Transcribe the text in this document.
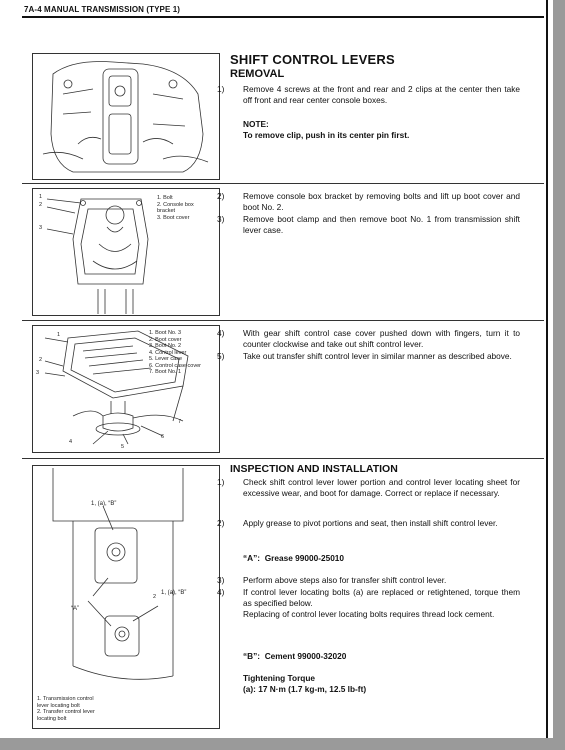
7A-4 MANUAL TRANSMISSION (TYPE 1)
1
2
3
1. Bolt
2. Console box
bracket
3. Boot cover
1
2
3
4
5
6
7
1. Boot No. 3
2. Boot cover
3. Boot No. 2
4. Control lever
5. Lever case
6. Control case cover
7. Boot No. 1
1, (a), “B”
1, (a), “B”
“A”
2
1. Transmission control
lever locating bolt
2. Transfer control lever
locating bolt
SHIFT CONTROL LEVERS
REMOVAL
1) Remove 4 screws at the front and rear and 2 clips at the center then take off front and rear center console boxes.
NOTE:
To remove clip, push in its center pin first.
2) Remove console box bracket by removing bolts and lift up boot cover and boot No. 2.
3) Remove boot clamp and then remove boot No. 1 from transmission shift lever case.
4) With gear shift control case cover pushed down with fingers, turn it to counter clockwise and take out shift control lever.
5) Take out transfer shift control lever in similar manner as described above.
INSPECTION AND INSTALLATION
1) Check shift control lever lower portion and control lever locating sheet for excessive wear, and boot for damage. Correct or replace if necessary.
2) Apply grease to pivot portions and seat, then install shift control lever.
“A”: Grease 99000-25010
3) Perform above steps also for transfer shift control lever.
4) If control lever locating bolts (a) are replaced or retightened, torque them as specified below.
Replacing of control lever locating bolts requires thread lock cement.
“B”: Cement 99000-32020
Tightening Torque
(a): 17 N·m (1.7 kg-m, 12.5 lb-ft)
